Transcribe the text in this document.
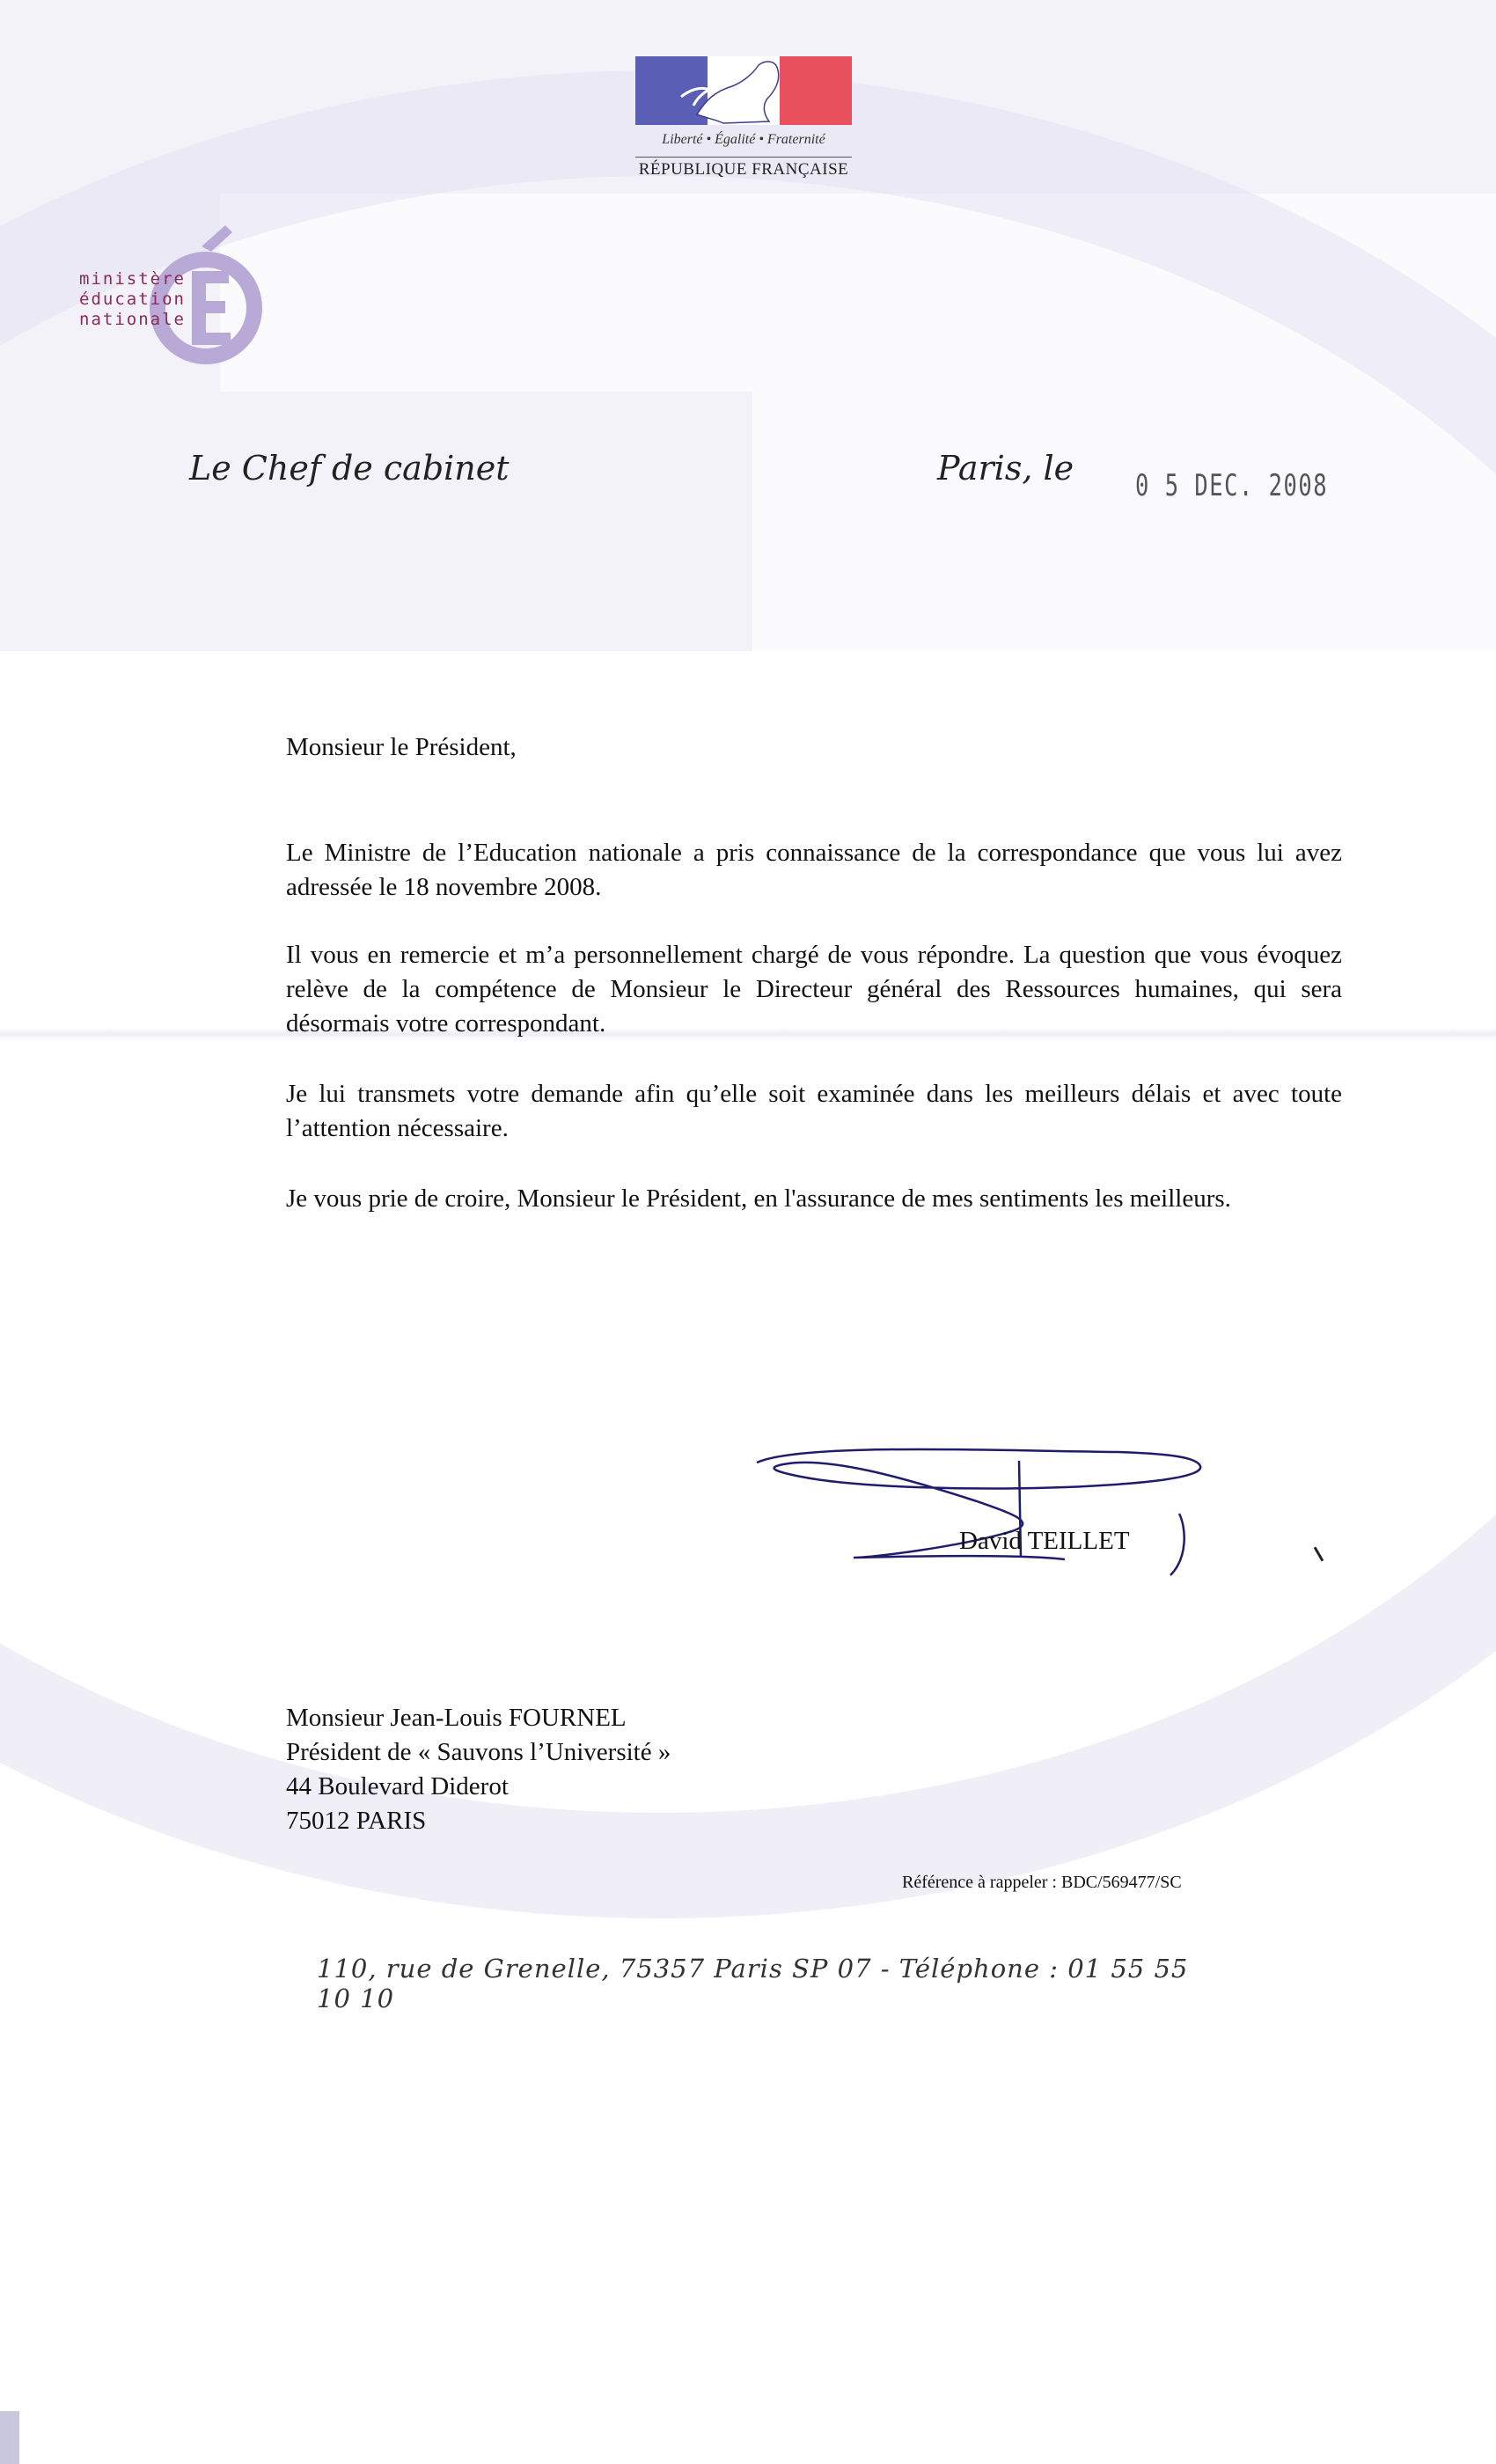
Liberté • Égalité • Fraternité
RÉPUBLIQUE FRANÇAISE
ministère
éducation
nationale
Le Chef de cabinet	Paris, le 0 5 DEC. 2008
Monsieur le Président,
Le Ministre de l’Education nationale a pris connaissance de la correspondance que vous lui avez adressée le 18 novembre 2008.
Il vous en remercie et m’a personnellement chargé de vous répondre. La question que vous évoquez relève de la compétence de Monsieur le Directeur général des Ressources humaines, qui sera désormais votre correspondant.
Je lui transmets votre demande afin qu’elle soit examinée dans les meilleurs délais et avec toute l’attention nécessaire.
Je vous prie de croire, Monsieur le Président, en l'assurance de mes sentiments les meilleurs.
David TEILLET
Monsieur Jean-Louis FOURNEL
Président de « Sauvons l’Université »
44 Boulevard Diderot
75012 PARIS
Référence à rappeler : BDC/569477/SC
110, rue de Grenelle, 75357 Paris SP 07 - Téléphone : 01 55 55 10 10
